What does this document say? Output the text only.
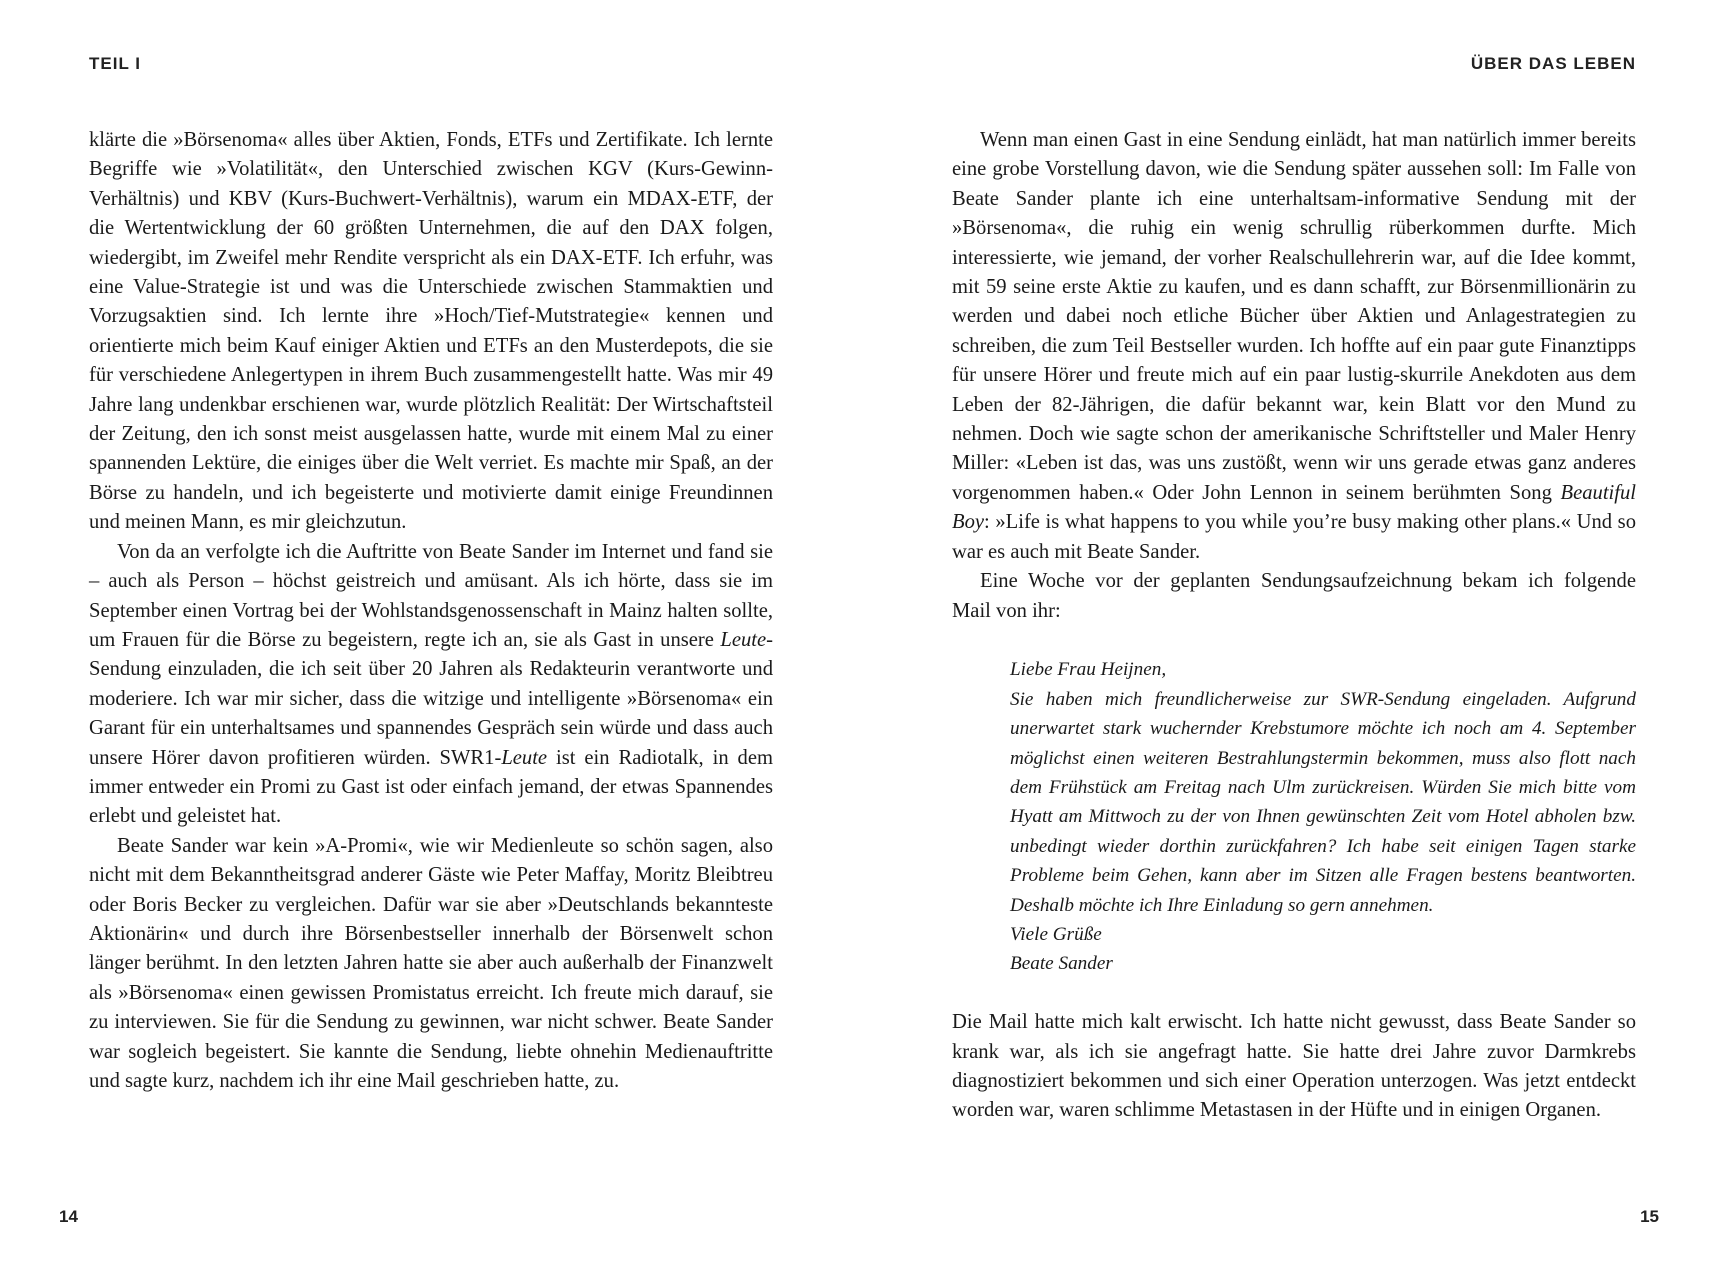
TEIL I

klärte die »Börsenoma« alles über Aktien, Fonds, ETFs und Zertifikate. Ich lernte Begriffe wie »Volatilität«, den Unterschied zwischen KGV (Kurs-Gewinn-Verhältnis) und KBV (Kurs-Buchwert-Verhältnis), warum ein MDAX-ETF, der die Wertentwicklung der 60 größten Unternehmen, die auf den DAX folgen, wiedergibt, im Zweifel mehr Rendite verspricht als ein DAX-ETF. Ich erfuhr, was eine Value-Strategie ist und was die Unterschiede zwischen Stammaktien und Vorzugsaktien sind. Ich lernte ihre »Hoch/Tief-Mutstrategie« kennen und orientierte mich beim Kauf einiger Aktien und ETFs an den Musterdepots, die sie für verschiedene Anlegertypen in ihrem Buch zusammengestellt hatte. Was mir 49 Jahre lang undenkbar erschienen war, wurde plötzlich Realität: Der Wirtschaftsteil der Zeitung, den ich sonst meist ausgelassen hatte, wurde mit einem Mal zu einer spannenden Lektüre, die einiges über die Welt verriet. Es machte mir Spaß, an der Börse zu handeln, und ich begeisterte und motivierte damit einige Freundinnen und meinen Mann, es mir gleichzutun.

Von da an verfolgte ich die Auftritte von Beate Sander im Internet und fand sie – auch als Person – höchst geistreich und amüsant. Als ich hörte, dass sie im September einen Vortrag bei der Wohlstandsgenossenschaft in Mainz halten sollte, um Frauen für die Börse zu begeistern, regte ich an, sie als Gast in unsere Leute-Sendung einzuladen, die ich seit über 20 Jahren als Redakteurin verantworte und moderiere. Ich war mir sicher, dass die witzige und intelligente »Börsenoma« ein Garant für ein unterhaltsames und spannendes Gespräch sein würde und dass auch unsere Hörer davon profitieren würden. SWR1-Leute ist ein Radiotalk, in dem immer entweder ein Promi zu Gast ist oder einfach jemand, der etwas Spannendes erlebt und geleistet hat.

Beate Sander war kein »A-Promi«, wie wir Medienleute so schön sagen, also nicht mit dem Bekanntheitsgrad anderer Gäste wie Peter Maffay, Moritz Bleibtreu oder Boris Becker zu vergleichen. Dafür war sie aber »Deutschlands bekannteste Aktionärin« und durch ihre Börsenbestseller innerhalb der Börsenwelt schon länger berühmt. In den letzten Jahren hatte sie aber auch außerhalb der Finanzwelt als »Börsenoma« einen gewissen Promistatus erreicht. Ich freute mich darauf, sie zu interviewen. Sie für die Sendung zu gewinnen, war nicht schwer. Beate Sander war sogleich begeistert. Sie kannte die Sendung, liebte ohnehin Medienauftritte und sagte kurz, nachdem ich ihr eine Mail geschrieben hatte, zu.

14
ÜBER DAS LEBEN

Wenn man einen Gast in eine Sendung einlädt, hat man natürlich immer bereits eine grobe Vorstellung davon, wie die Sendung später aussehen soll: Im Falle von Beate Sander plante ich eine unterhaltsam-informative Sendung mit der »Börsenoma«, die ruhig ein wenig schrullig rüberkommen durfte. Mich interessierte, wie jemand, der vorher Realschullehrerin war, auf die Idee kommt, mit 59 seine erste Aktie zu kaufen, und es dann schafft, zur Börsenmillionärin zu werden und dabei noch etliche Bücher über Aktien und Anlagestrategien zu schreiben, die zum Teil Bestseller wurden. Ich hoffte auf ein paar gute Finanztipps für unsere Hörer und freute mich auf ein paar lustig-skurrile Anekdoten aus dem Leben der 82-Jährigen, die dafür bekannt war, kein Blatt vor den Mund zu nehmen. Doch wie sagte schon der amerikanische Schriftsteller und Maler Henry Miller: «Leben ist das, was uns zustößt, wenn wir uns gerade etwas ganz anderes vorgenommen haben.« Oder John Lennon in seinem berühmten Song Beautiful Boy: »Life is what happens to you while you’re busy making other plans.« Und so war es auch mit Beate Sander.

Eine Woche vor der geplanten Sendungsaufzeichnung bekam ich folgende Mail von ihr:

Liebe Frau Heijnen,

Sie haben mich freundlicherweise zur SWR-Sendung eingeladen. Aufgrund unerwartet stark wuchernder Krebstumore möchte ich noch am 4. September möglichst einen weiteren Bestrahlungstermin bekommen, muss also flott nach dem Frühstück am Freitag nach Ulm zurückreisen. Würden Sie mich bitte vom Hyatt am Mittwoch zu der von Ihnen gewünschten Zeit vom Hotel abholen bzw. unbedingt wieder dorthin zurückfahren? Ich habe seit einigen Tagen starke Probleme beim Gehen, kann aber im Sitzen alle Fragen bestens beantworten. Deshalb möchte ich Ihre Einladung so gern annehmen.

Viele Grüße

Beate Sander

Die Mail hatte mich kalt erwischt. Ich hatte nicht gewusst, dass Beate Sander so krank war, als ich sie angefragt hatte. Sie hatte drei Jahre zuvor Darmkrebs diagnostiziert bekommen und sich einer Operation unterzogen. Was jetzt entdeckt worden war, waren schlimme Metastasen in der Hüfte und in einigen Organen.

15
